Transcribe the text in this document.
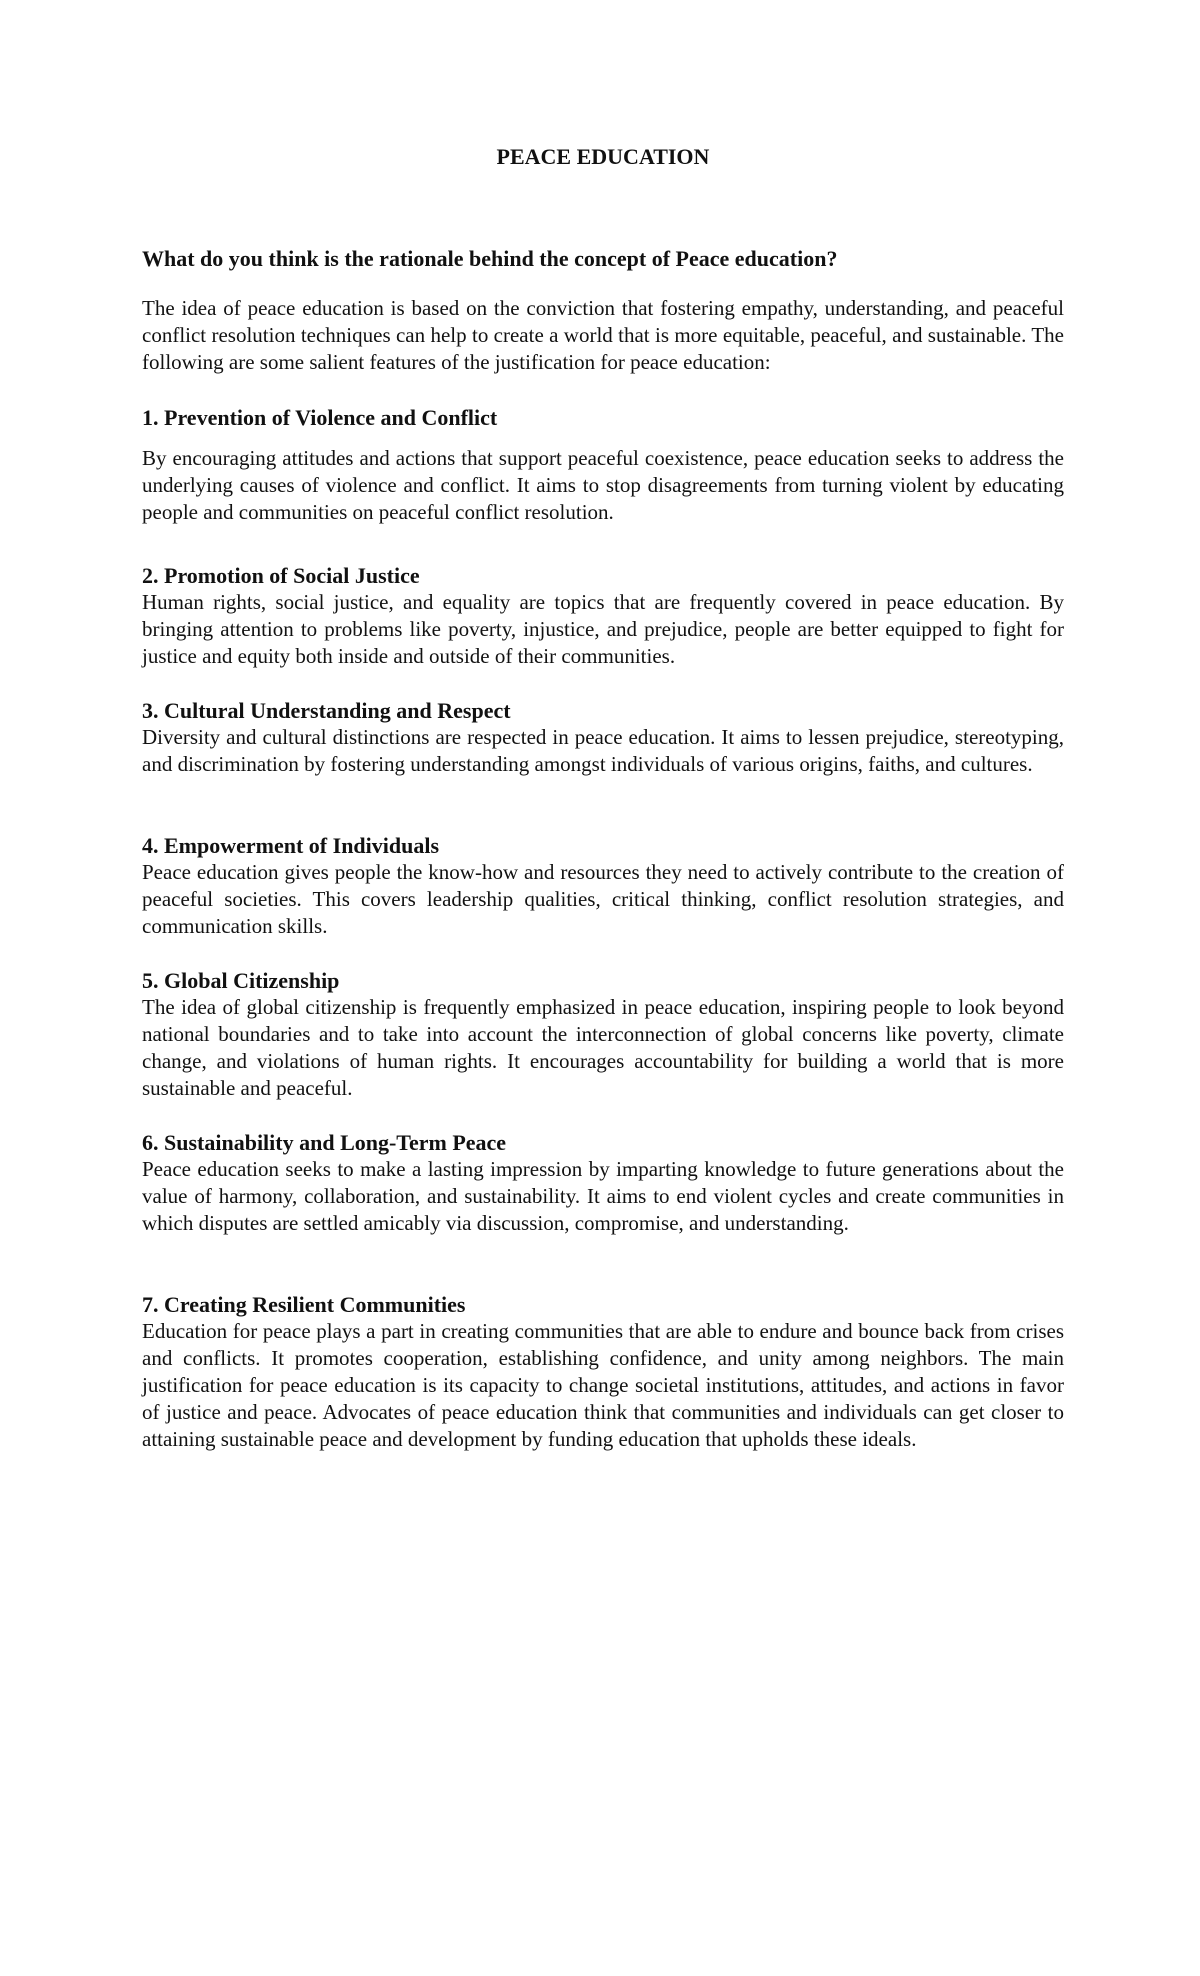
PEACE EDUCATION

What do you think is the rationale behind the concept of Peace education?

The idea of peace education is based on the conviction that fostering empathy, understanding, and peaceful conflict resolution techniques can help to create a world that is more equitable, peaceful, and sustainable. The following are some salient features of the justification for peace education:

1. Prevention of Violence and Conflict

By encouraging attitudes and actions that support peaceful coexistence, peace education seeks to address the underlying causes of violence and conflict. It aims to stop disagreements from turning violent by educating people and communities on peaceful conflict resolution.

2. Promotion of Social Justice

Human rights, social justice, and equality are topics that are frequently covered in peace education. By bringing attention to problems like poverty, injustice, and prejudice, people are better equipped to fight for justice and equity both inside and outside of their communities.

3. Cultural Understanding and Respect

Diversity and cultural distinctions are respected in peace education. It aims to lessen prejudice, stereotyping, and discrimination by fostering understanding amongst individuals of various origins, faiths, and cultures.

4. Empowerment of Individuals

Peace education gives people the know-how and resources they need to actively contribute to the creation of peaceful societies. This covers leadership qualities, critical thinking, conflict resolution strategies, and communication skills.

5. Global Citizenship

The idea of global citizenship is frequently emphasized in peace education, inspiring people to look beyond national boundaries and to take into account the interconnection of global concerns like poverty, climate change, and violations of human rights. It encourages accountability for building a world that is more sustainable and peaceful.

6. Sustainability and Long-Term Peace

Peace education seeks to make a lasting impression by imparting knowledge to future generations about the value of harmony, collaboration, and sustainability. It aims to end violent cycles and create communities in which disputes are settled amicably via discussion, compromise, and understanding.

7. Creating Resilient Communities

Education for peace plays a part in creating communities that are able to endure and bounce back from crises and conflicts. It promotes cooperation, establishing confidence, and unity among neighbors. The main justification for peace education is its capacity to change societal institutions, attitudes, and actions in favor of justice and peace. Advocates of peace education think that communities and individuals can get closer to attaining sustainable peace and development by funding education that upholds these ideals.
